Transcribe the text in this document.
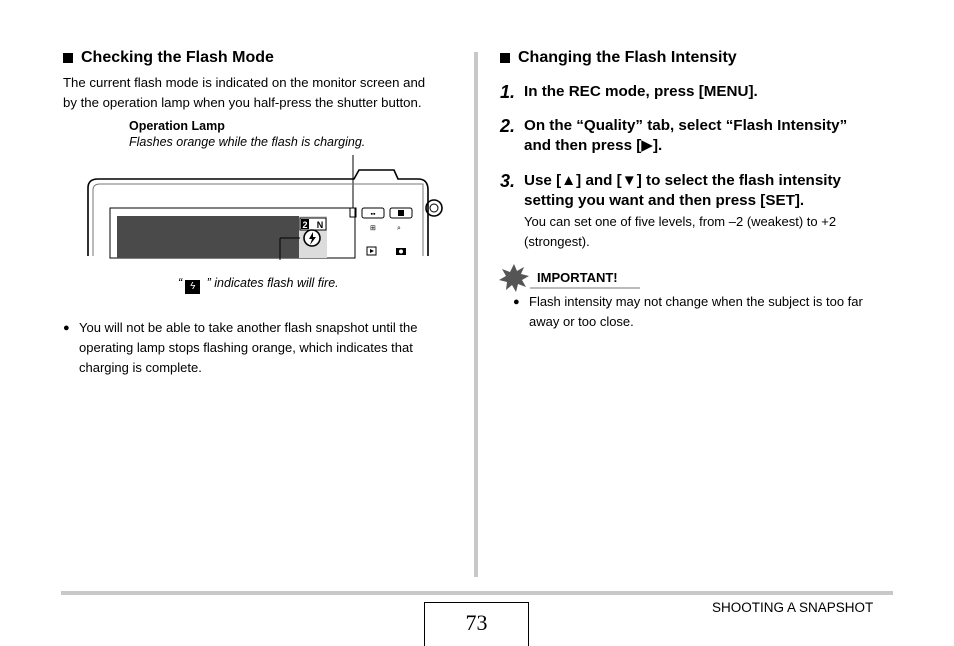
Checking the Flash Mode
The current flash mode is indicated on the monitor screen and
by the operation lamp when you half-press the shutter button.
Operation Lamp
Flashes orange while the flash is charging.
2 N
▪▪
⊞	⌕
“ ϟ ” indicates flash will fire.
● You will not be able to take another flash snapshot until the
operating lamp stops flashing orange, which indicates that
charging is complete.
Changing the Flash Intensity
1. In the REC mode, press [MENU].
2. On the “Quality” tab, select “Flash Intensity”
and then press [▶].
3. Use [▲] and [▼] to select the flash intensity
setting you want and then press [SET].
You can set one of five levels, from –2 (weakest) to +2
(strongest).
IMPORTANT!
● Flash intensity may not change when the subject is too far
away or too close.
73
SHOOTING A SNAPSHOT
